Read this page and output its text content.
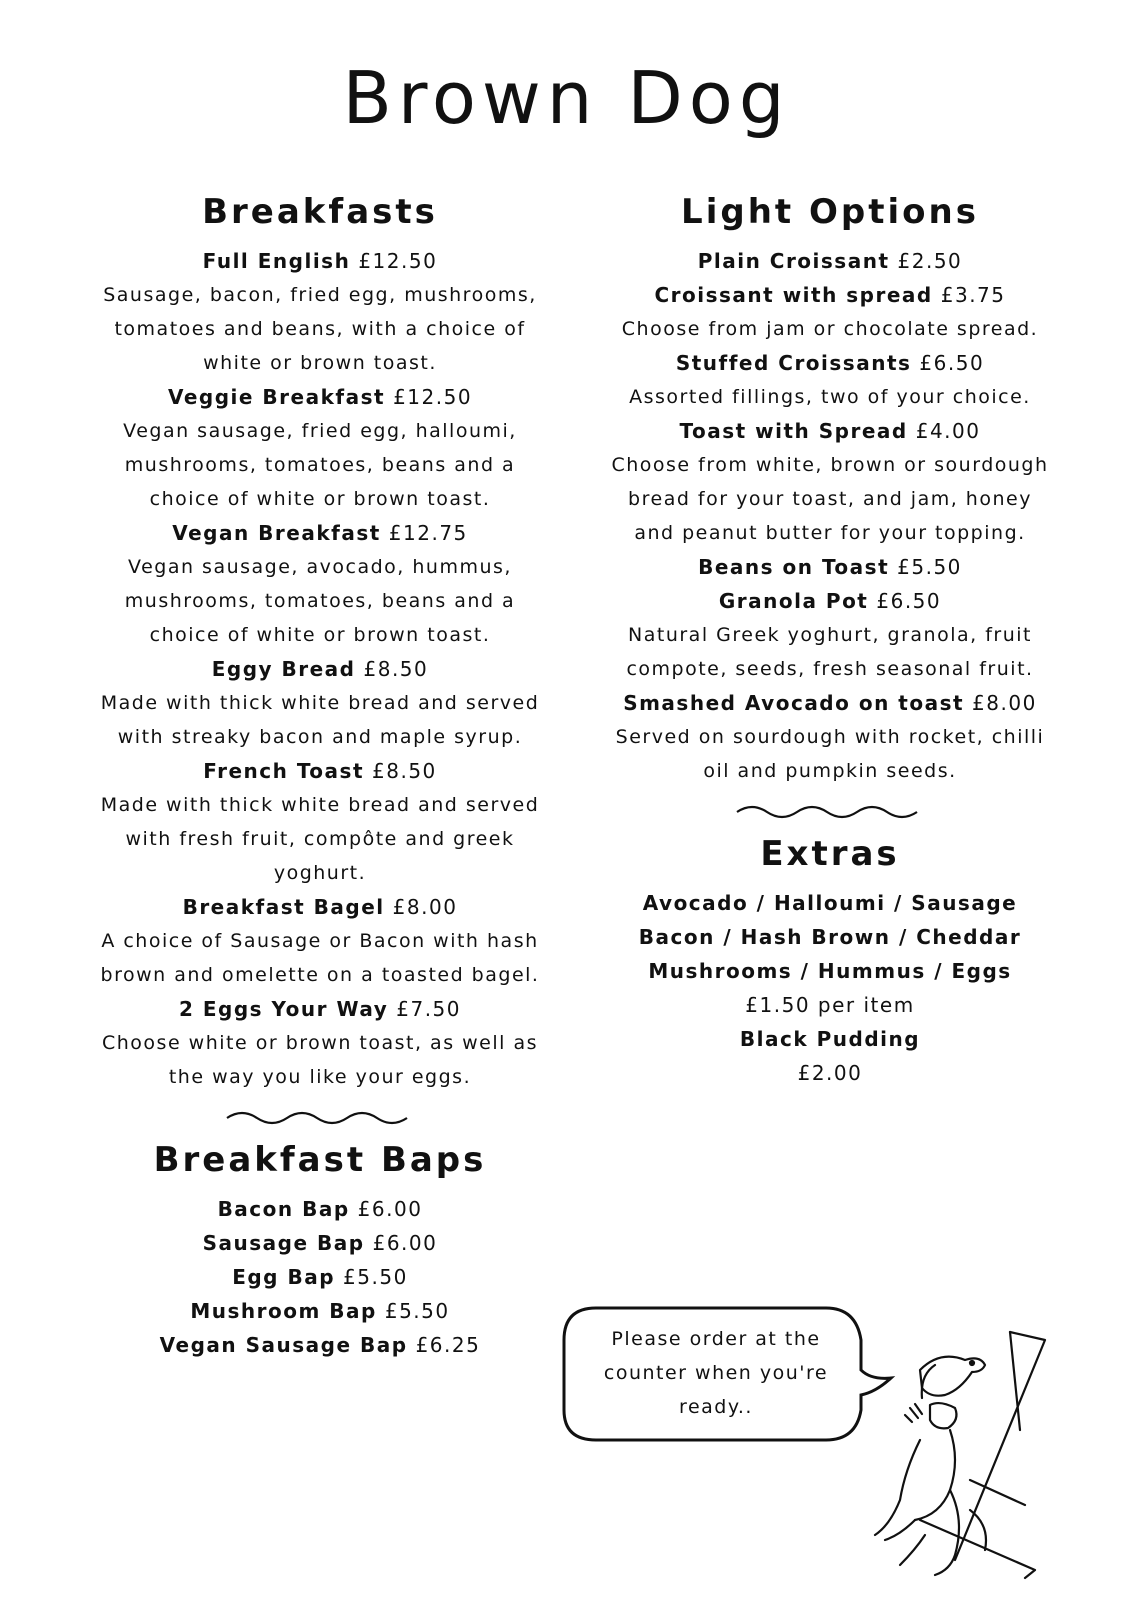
Brown Dog
Breakfasts
Full English £12.50
Sausage, bacon, fried egg, mushrooms, tomatoes and beans, with a choice of white or brown toast.
Veggie Breakfast £12.50
Vegan sausage, fried egg, halloumi, mushrooms, tomatoes, beans and a choice of white or brown toast.
Vegan Breakfast £12.75
Vegan sausage, avocado, hummus, mushrooms, tomatoes, beans and a choice of white or brown toast.
Eggy Bread £8.50
Made with thick white bread and served with streaky bacon and maple syrup.
French Toast £8.50
Made with thick white bread and served with fresh fruit, compôte and greek yoghurt.
Breakfast Bagel £8.00
A choice of Sausage or Bacon with hash brown and omelette on a toasted bagel.
2 Eggs Your Way £7.50
Choose white or brown toast, as well as the way you like your eggs.
Breakfast Baps
Bacon Bap £6.00
Sausage Bap £6.00
Egg Bap £5.50
Mushroom Bap £5.50
Vegan Sausage Bap £6.25
Light Options
Plain Croissant £2.50
Croissant with spread £3.75
Choose from jam or chocolate spread.
Stuffed Croissants £6.50
Assorted fillings, two of your choice.
Toast with Spread £4.00
Choose from white, brown or sourdough bread for your toast, and jam, honey and peanut butter for your topping.
Beans on Toast £5.50
Granola Pot £6.50
Natural Greek yoghurt, granola, fruit compote, seeds, fresh seasonal fruit.
Smashed Avocado on toast £8.00
Served on sourdough with rocket, chilli oil and pumpkin seeds.
Extras
Avocado / Halloumi / Sausage
Bacon / Hash Brown / Cheddar
Mushrooms / Hummus / Eggs
£1.50 per item
Black Pudding
£2.00
Please order at the counter when you're ready..
